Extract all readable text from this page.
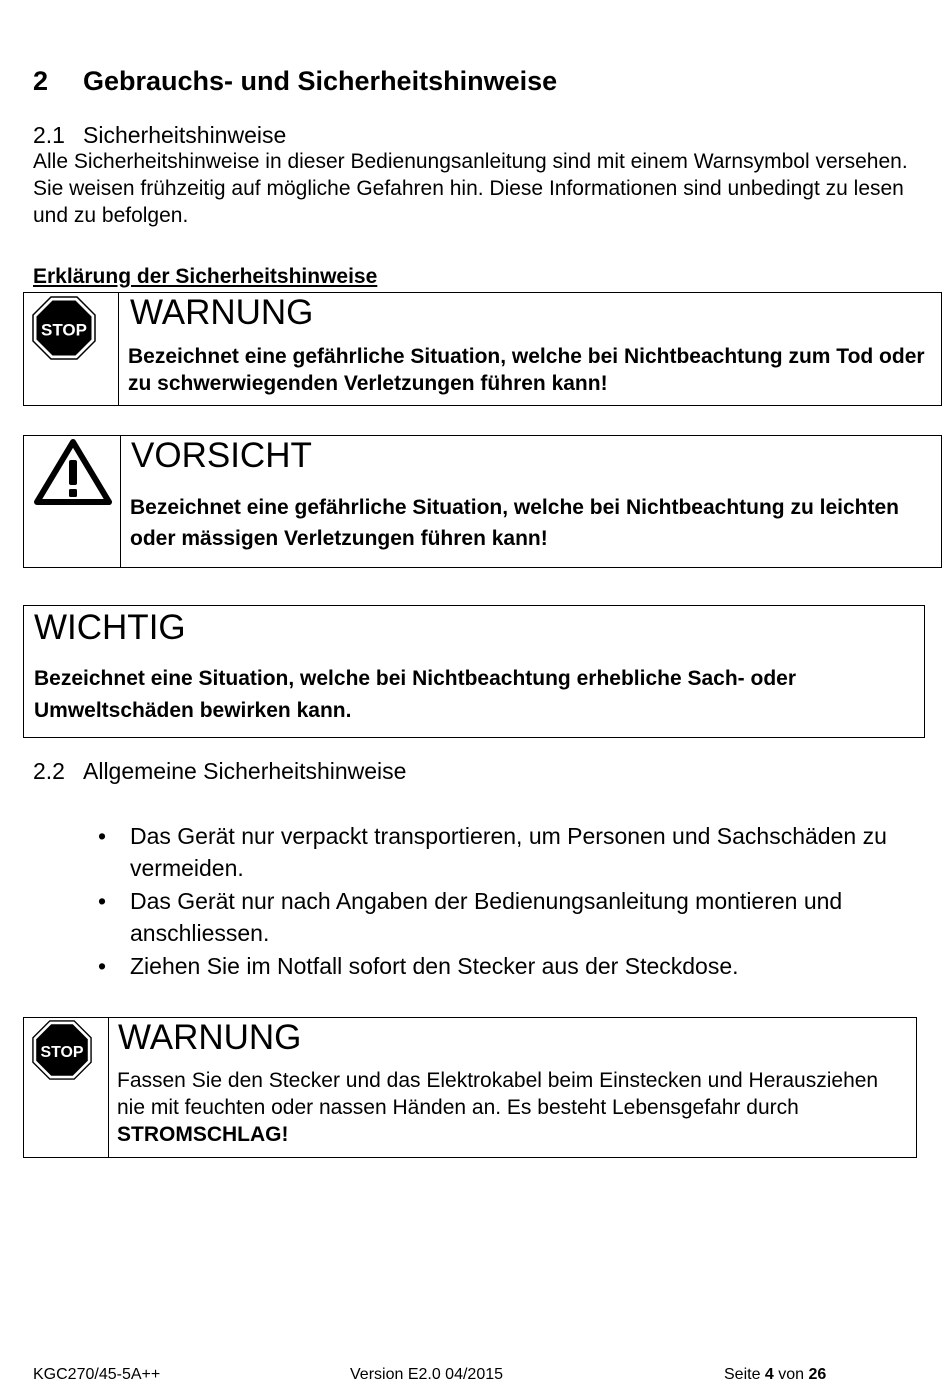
2 Gebrauchs- und Sicherheitshinweise
2.1 Sicherheitshinweise

Alle Sicherheitshinweise in dieser Bedienungsanleitung sind mit einem Warnsymbol versehen. Sie weisen frühzeitig auf mögliche Gefahren hin. Diese Informationen sind unbedingt zu lesen und zu befolgen.

Erklärung der Sicherheitshinweise

STOP WARNUNG

Bezeichnet eine gefährliche Situation, welche bei Nichtbeachtung zum Tod oder zu schwerwiegenden Verletzungen führen kann!

VORSICHT

Bezeichnet eine gefährliche Situation, welche bei Nichtbeachtung zu leichten oder mässigen Verletzungen führen kann!

WICHTIG

Bezeichnet eine Situation, welche bei Nichtbeachtung erhebliche Sach- oder Umweltschäden bewirken kann.

2.2 Allgemeine Sicherheitshinweise
• Das Gerät nur verpackt transportieren, um Personen und Sachschäden zu vermeiden.
• Das Gerät nur nach Angaben der Bedienungsanleitung montieren und anschliessen.
• Ziehen Sie im Notfall sofort den Stecker aus der Steckdose.
STOP WARNUNG

Fassen Sie den Stecker und das Elektrokabel beim Einstecken und Herausziehen nie mit feuchten oder nassen Händen an. Es besteht Lebensgefahr durch STROMSCHLAG!

KGC270/45-5A++	Version E2.0 04/2015	Seite 4 von 26
